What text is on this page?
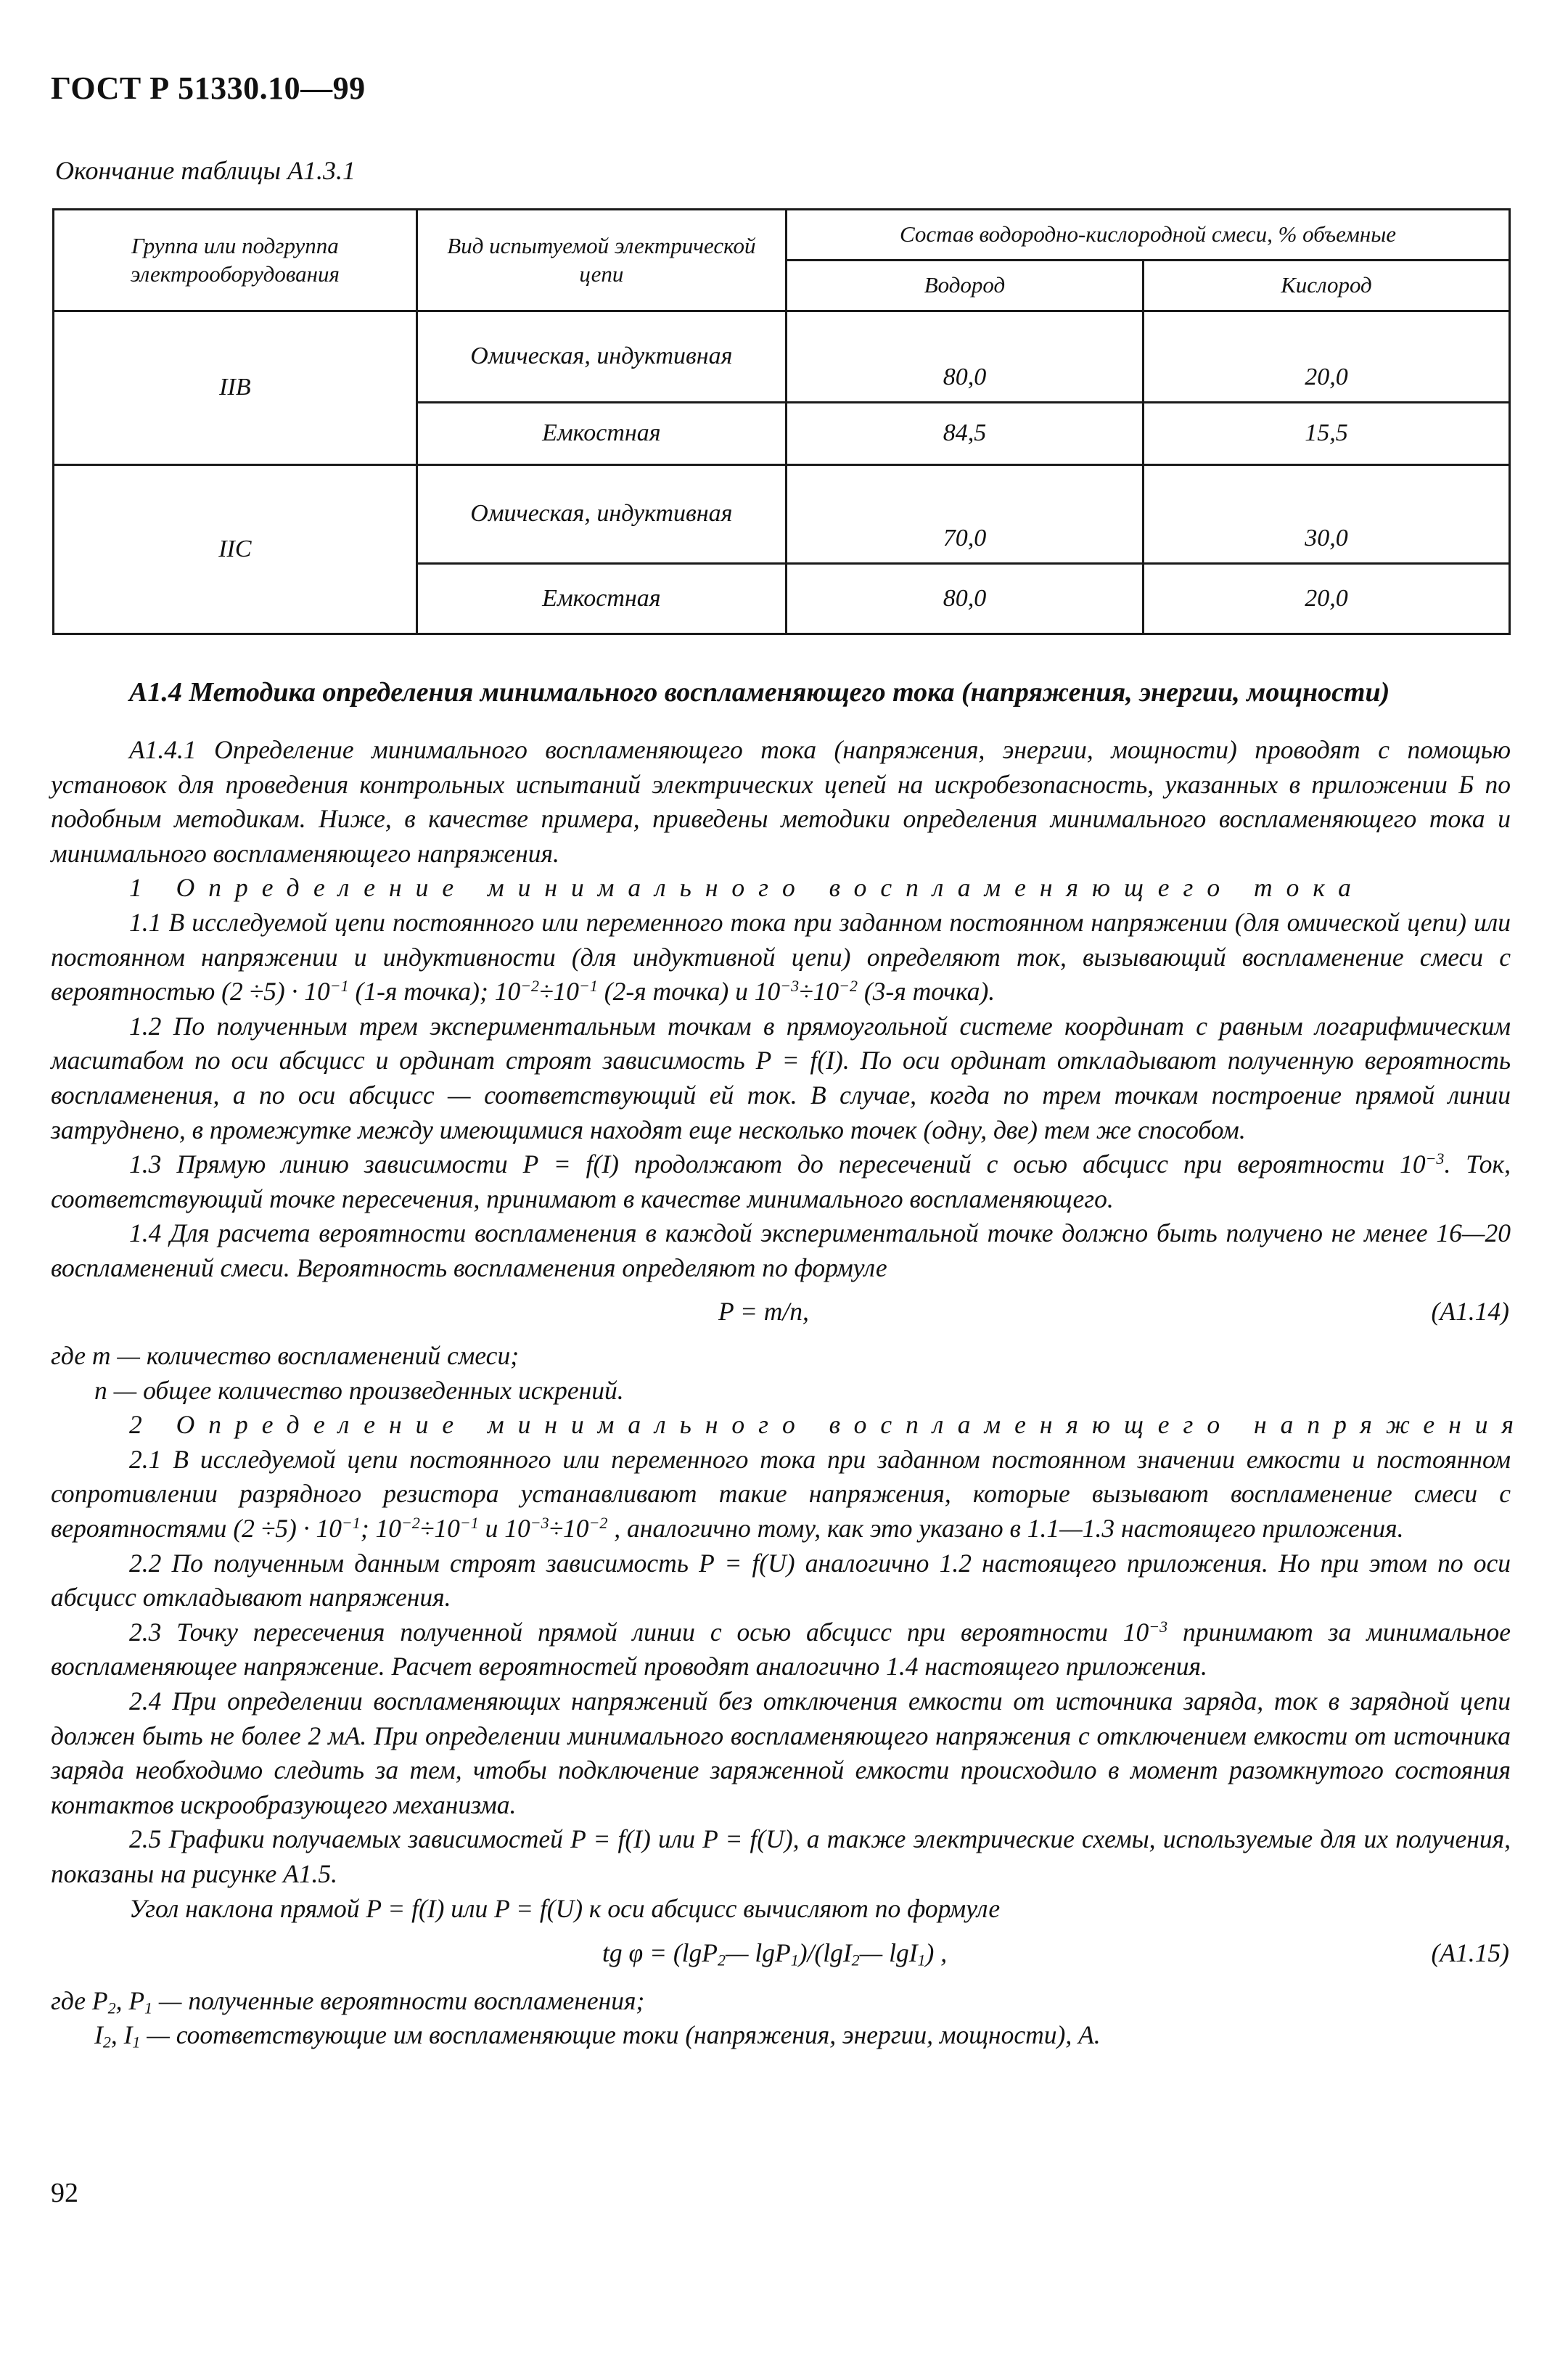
ГОСТ Р 51330.10—99
Окончание таблицы А1.3.1
Группа или подгруппа электрооборудования	Вид испытуемой электрической цепи	Состав водородно-кислородной смеси, % объемные	
		Водород	Кислород
IIB	Омическая, индуктивная	80,0	20,0
	Емкостная	84,5	15,5
IIC	Омическая, индуктивная	70,0	30,0
	Емкостная	80,0	20,0
А1.4 Методика определения минимального воспламеняющего тока (напряжения, энергии, мощности)

А1.4.1 Определение минимального воспламеняющего тока (напряжения, энергии, мощности) проводят с помощью установок для проведения контрольных испытаний электрических цепей на искробезопасность, указанных в приложении Б по подобным методикам. Ниже, в качестве примера, приведены методики определения минимального воспламеняющего тока и минимального воспламеняющего напряжения.

1 Определение минимального воспламеняющего тока

1.1 В исследуемой цепи постоянного или переменного тока при заданном постоянном напряжении (для омической цепи) или постоянном напряжении и индуктивности (для индуктивной цепи) определяют ток, вызывающий воспламенение смеси с вероятностью $(2 \div 5) \cdot 10^{-1}$ (1-я точка); $10^{-2}\div 10^{-1}$ (2-я точка) и $10^{-3}\div 10^{-2}$ (3-я точка).

1.2 По полученным трем экспериментальным точкам в прямоугольной системе координат с равным логарифмическим масштабом по оси абсцисс и ординат строят зависимость P = f(I). По оси ординат откладывают полученную вероятность воспламенения, а по оси абсцисс — соответствующий ей ток. В случае, когда по трем точкам построение прямой линии затруднено, в промежутке между имеющимися находят еще несколько точек (одну, две) тем же способом.

1.3 Прямую линию зависимости P = f(I) продолжают до пересечений с осью абсцисс при вероятности $10^{-3}$. Ток, соответствующий точке пересечения, принимают в качестве минимального воспламеняющего.

1.4 Для расчета вероятности воспламенения в каждой экспериментальной точке должно быть получено не менее 16—20 воспламенений смеси. Вероятность воспламенения определяют по формуле

P = m/n,	(А1.14)

где m — количество воспламенений смеси;

n — общее количество произведенных искрений.

2 Определение минимального воспламеняющего напряжения

2.1 В исследуемой цепи постоянного или переменного тока при заданном постоянном значении емкости и постоянном сопротивлении разрядного резистора устанавливают такие напряжения, которые вызывают воспламенение смеси с вероятностями $(2 \div 5) \cdot 10^{-1}$; $10^{-2}\div 10^{-1}$ и $10^{-3}\div 10^{-2}$ , аналогично тому, как это указано в 1.1—1.3 настоящего приложения.

2.2 По полученным данным строят зависимость P = f(U) аналогично 1.2 настоящего приложения. Но при этом по оси абсцисс откладывают напряжения.

2.3 Точку пересечения полученной прямой линии с осью абсцисс при вероятности $10^{-3}$ принимают за минимальное воспламеняющее напряжение. Расчет вероятностей проводят аналогично 1.4 настоящего приложения.

2.4 При определении воспламеняющих напряжений без отключения емкости от источника заряда, ток в зарядной цепи должен быть не более 2 мА. При определении минимального воспламеняющего напряжения с отключением емкости от источника заряда необходимо следить за тем, чтобы подключение заряженной емкости происходило в момент разомкнутого состояния контактов искрообразующего механизма.

2.5 Графики получаемых зависимостей P = f(I) или P = f(U), а также электрические схемы, используемые для их получения, показаны на рисунке А1.5.

Угол наклона прямой P = f(I) или P = f(U) к оси абсцисс вычисляют по формуле

tg φ = (lgP$_2$— lgP$_1$)/(lgI$_2$— lgI$_1$) ,	(А1.15)

где $P_2$, $P_1$ — полученные вероятности воспламенения;

$I_2$, $I_1$ — соответствующие им воспламеняющие токи (напряжения, энергии, мощности), А.

92
